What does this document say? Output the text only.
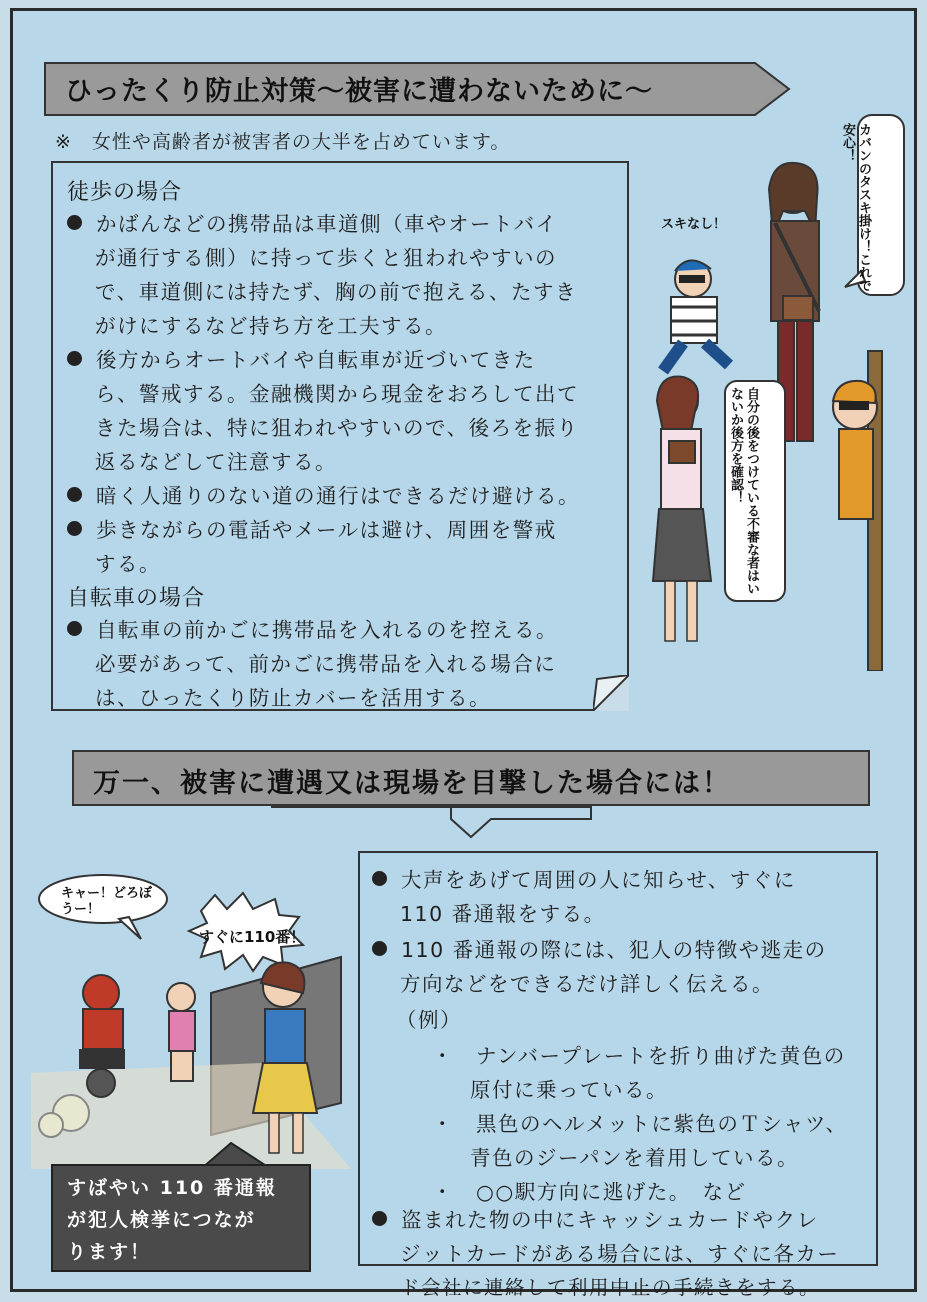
ひったくり防止対策～被害に遭わないために～
※　女性や高齢者が被害者の大半を占めています。
徒歩の場合
かばんなどの携帯品は車道側（車やオートバイ
が通行する側）に持って歩くと狙われやすいの
で、車道側には持たず、胸の前で抱える、たすき
がけにするなど持ち方を工夫する。
後方からオートバイや自転車が近づいてきた
ら、警戒する。金融機関から現金をおろして出て
きた場合は、特に狙われやすいので、後ろを振り
返るなどして注意する。
暗く人通りのない道の通行はできるだけ避ける。
歩きながらの電話やメールは避け、周囲を警戒
する。
自転車の場合
自転車の前かごに携帯品を入れるのを控える。
必要があって、前かごに携帯品を入れる場合に
は、ひったくり防止カバーを活用する。
カバンのタスキ掛け！これで安心！
スキなし！
自分の後をつけている不審な者はいないか後方を確認！
万一、被害に遭遇又は現場を目撃した場合には！
キャー！どろぼうー！
すぐに110番！
大声をあげて周囲の人に知らせ、すぐに
110 番通報をする。
110 番通報の際には、犯人の特徴や逃走の
方向などをできるだけ詳しく伝える。
（例）
・　ナンバープレートを折り曲げた黄色の
原付に乗っている。
・　黒色のヘルメットに紫色のＴシャツ、
青色のジーパンを着用している。
・　○○駅方向に逃げた。　など
盗まれた物の中にキャッシュカードやクレ
ジットカードがある場合には、すぐに各カー
ド会社に連絡して利用中止の手続きをする。
すばやい 110 番通報
が犯人検挙につなが
ります！
